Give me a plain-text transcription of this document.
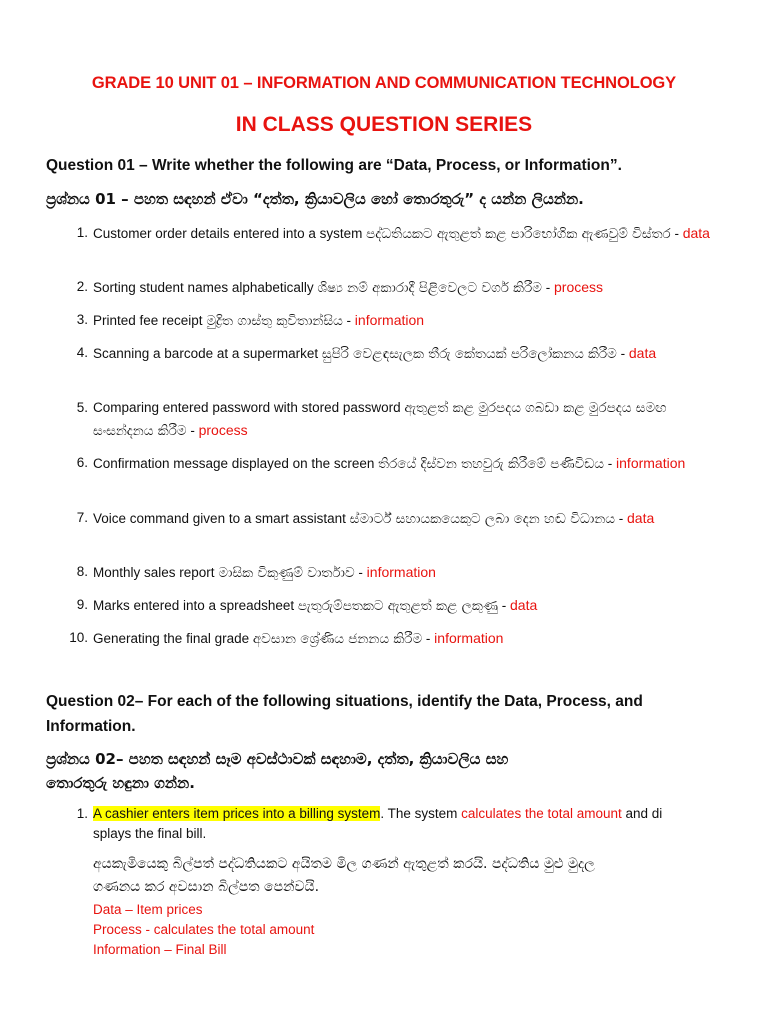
GRADE 10 UNIT 01 – INFORMATION AND COMMUNICATION TECHNOLOGY
IN CLASS QUESTION SERIES
Question 01 – Write whether the following are “Data, Process, or Information”.
ප්‍රශ්නය 01 – පහත සඳහන් ඒවා “දත්ත, ක්‍රියාවලිය හෝ තොරතුරු” ද යන්න ලියන්න.
1. Customer order details entered into a system පද්ධතියකට ඇතුළත් කළ පාරිභෝගික ඇණවුම් විස්තර - data
2. Sorting student names alphabetically ශිෂ්‍ය නම් අකාරාදී පිළිවෙලට වර්ග කිරීම - process
3. Printed fee receipt මුද්‍රිත ගාස්තු කුවිතාන්සිය - information
4. Scanning a barcode at a supermarket සුපිරි වෙළඳසැලක තීරු කේතයක් පරිලෝකනය කිරීම - data
5. Comparing entered password with stored password ඇතුළත් කළ මුරපදය ගබඩා කළ මුරපදය සමඟ සංසන්දනය කිරීම - process
6. Confirmation message displayed on the screen තිරයේ දිස්වන තහවුරු කිරීමේ පණිවිඩය - information
7. Voice command given to a smart assistant ස්මාර්ට් සහායකයෙකුට ලබා දෙන හඬ විධානය - data
8. Monthly sales report මාසික විකුණුම් වාර්තාව - information
9. Marks entered into a spreadsheet පැතුරුම්පතකට ඇතුළත් කළ ලකුණු - data
10. Generating the final grade අවසාන ශ්‍රේණිය ජනනය කිරීම - information
Question 02– For each of the following situations, identify the Data, Process, and
Information.
ප්‍රශ්නය 02– පහත සඳහන් සෑම අවස්ථාවක් සඳහාම, දත්ත, ක්‍රියාවලිය සහ
තොරතුරු හඳුනා ගන්න.
1. A cashier enters item prices into a billing system. The system calculates the total amount and di
splays the final bill.
අයකැමියෙකු බිල්පත් පද්ධතියකට අයිතම මිල ගණන් ඇතුළත් කරයි. පද්ධතිය මුළු මුදල
ගණනය කර අවසාන බිල්පත පෙන්වයි.
Data – Item prices
Process - calculates the total amount
Information – Final Bill
